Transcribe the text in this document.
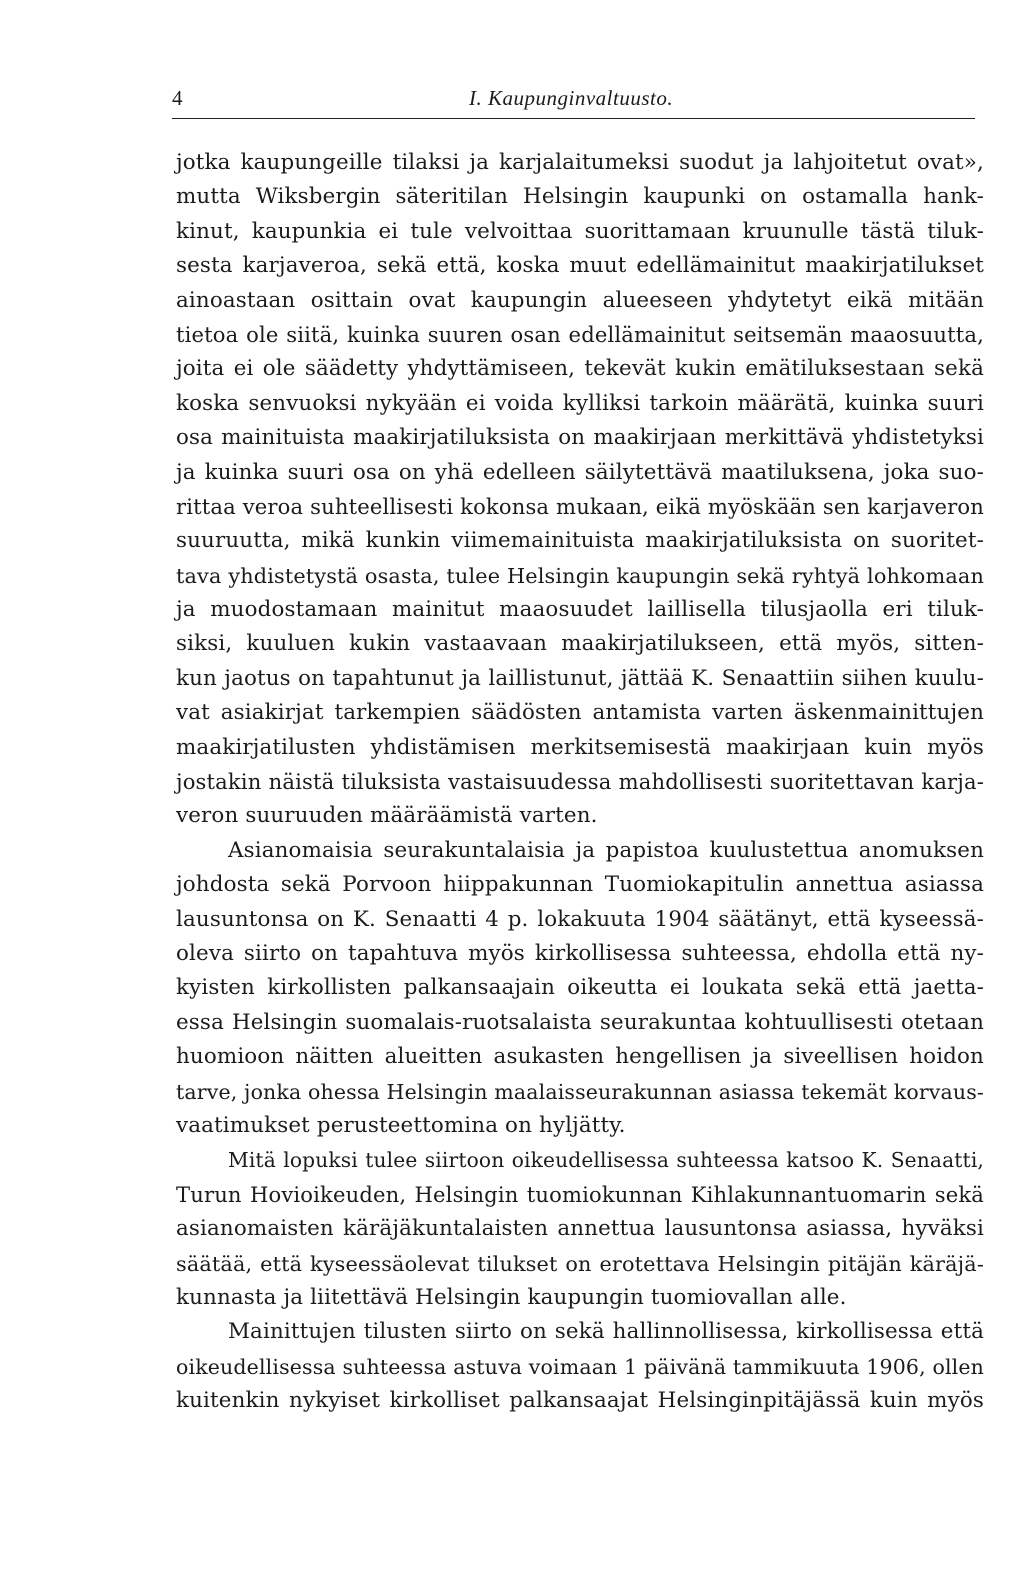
4	I. Kaupunginvaltuusto.
jotka kaupungeille tilaksi ja karjalaitumeksi suodut ja lahjoitetut ovat»,
mutta Wiksbergin säteritilan Helsingin kaupunki on ostamalla hank-
kinut, kaupunkia ei tule velvoittaa suorittamaan kruunulle tästä tiluk-
sesta karjaveroa, sekä että, koska muut edellämainitut maakirjatilukset
ainoastaan osittain ovat kaupungin alueeseen yhdytetyt eikä mitään
tietoa ole siitä, kuinka suuren osan edellämainitut seitsemän maaosuutta,
joita ei ole säädetty yhdyttämiseen, tekevät kukin emätiluksestaan sekä
koska senvuoksi nykyään ei voida kylliksi tarkoin määrätä, kuinka suuri
osa mainituista maakirjatiluksista on maakirjaan merkittävä yhdistetyksi
ja kuinka suuri osa on yhä edelleen säilytettävä maatiluksena, joka suo-
rittaa veroa suhteellisesti kokonsa mukaan, eikä myöskään sen karjaveron
suuruutta, mikä kunkin viimemainituista maakirjatiluksista on suoritet-
tava yhdistetystä osasta, tulee Helsingin kaupungin sekä ryhtyä lohkomaan
ja muodostamaan mainitut maaosuudet laillisella tilusjaolla eri tiluk-
siksi, kuuluen kukin vastaavaan maakirjatilukseen, että myös, sitten-
kun jaotus on tapahtunut ja laillistunut, jättää K. Senaattiin siihen kuulu-
vat asiakirjat tarkempien säädösten antamista varten äskenmainittujen
maakirjatilusten yhdistämisen merkitsemisestä maakirjaan kuin myös
jostakin näistä tiluksista vastaisuudessa mahdollisesti suoritettavan karja-
veron suuruuden määräämistä varten.
Asianomaisia seurakuntalaisia ja papistoa kuulustettua anomuksen
johdosta sekä Porvoon hiippakunnan Tuomiokapitulin annettua asiassa
lausuntonsa on K. Senaatti 4 p. lokakuuta 1904 säätänyt, että kyseessä-
oleva siirto on tapahtuva myös kirkollisessa suhteessa, ehdolla että ny-
kyisten kirkollisten palkansaajain oikeutta ei loukata sekä että jaetta-
essa Helsingin suomalais-ruotsalaista seurakuntaa kohtuullisesti otetaan
huomioon näitten alueitten asukasten hengellisen ja siveellisen hoidon
tarve, jonka ohessa Helsingin maalaisseurakunnan asiassa tekemät korvaus-
vaatimukset perusteettomina on hyljätty.
Mitä lopuksi tulee siirtoon oikeudellisessa suhteessa katsoo K. Senaatti,
Turun Hovioikeuden, Helsingin tuomiokunnan Kihlakunnantuomarin sekä
asianomaisten käräjäkuntalaisten annettua lausuntonsa asiassa, hyväksi
säätää, että kyseessäolevat tilukset on erotettava Helsingin pitäjän käräjä-
kunnasta ja liitettävä Helsingin kaupungin tuomiovallan alle.
Mainittujen tilusten siirto on sekä hallinnollisessa, kirkollisessa että
oikeudellisessa suhteessa astuva voimaan 1 päivänä tammikuuta 1906, ollen
kuitenkin nykyiset kirkolliset palkansaajat Helsinginpitäjässä kuin myös
